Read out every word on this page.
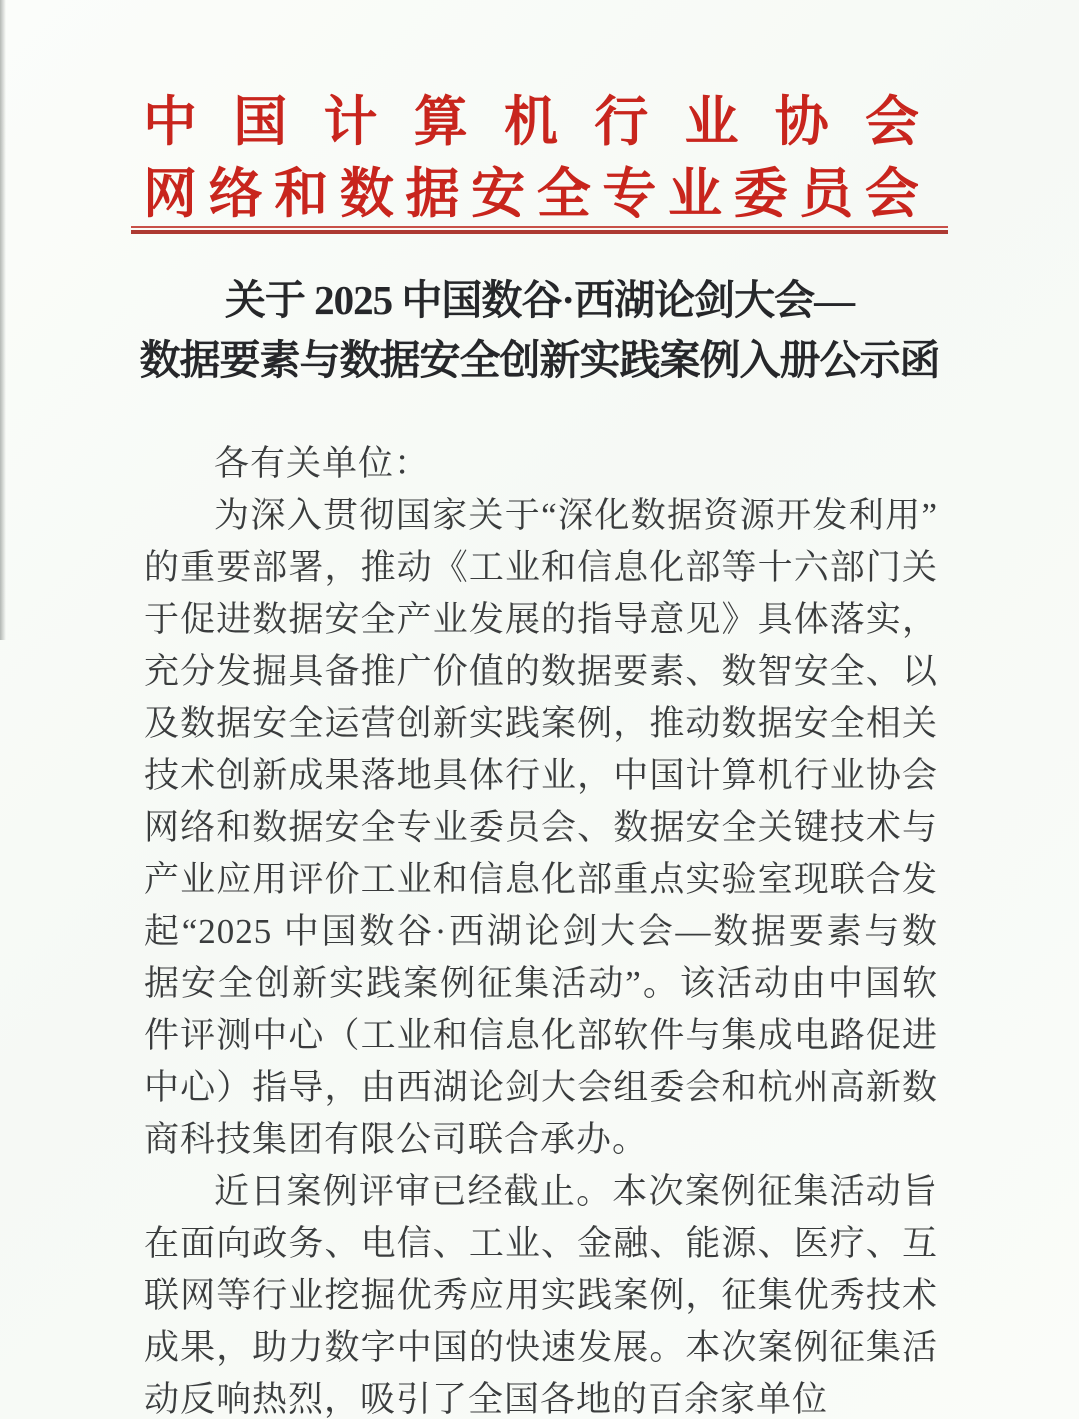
中 国 计 算 机 行 业 协 会
网 络 和 数 据 安 全 专 业 委 员 会
关于 2025 中国数谷·西湖论剑大会—
数据要素与数据安全创新实践案例入册公示函

各有关单位：

为深入贯彻国家关于“深化数据资源开发利用”的重要部署，推动《工业和信息化部等十六部门关于促进数据安全产业发展的指导意见》具体落实，充分发掘具备推广价值的数据要素、数智安全、以及数据安全运营创新实践案例，推动数据安全相关技术创新成果落地具体行业，中国计算机行业协会网络和数据安全专业委员会、数据安全关键技术与产业应用评价工业和信息化部重点实验室现联合发起“2025 中国数谷·西湖论剑大会—数据要素与数据安全创新实践案例征集活动”。该活动由中国软件评测中心（工业和信息化部软件与集成电路促进中心）指导，由西湖论剑大会组委会和杭州高新数商科技集团有限公司联合承办。

近日案例评审已经截止。本次案例征集活动旨在面向政务、电信、工业、金融、能源、医疗、互联网等行业挖掘优秀应用实践案例，征集优秀技术成果，助力数字中国的快速发展。本次案例征集活动反响热烈，吸引了全国各地的百余家单位
